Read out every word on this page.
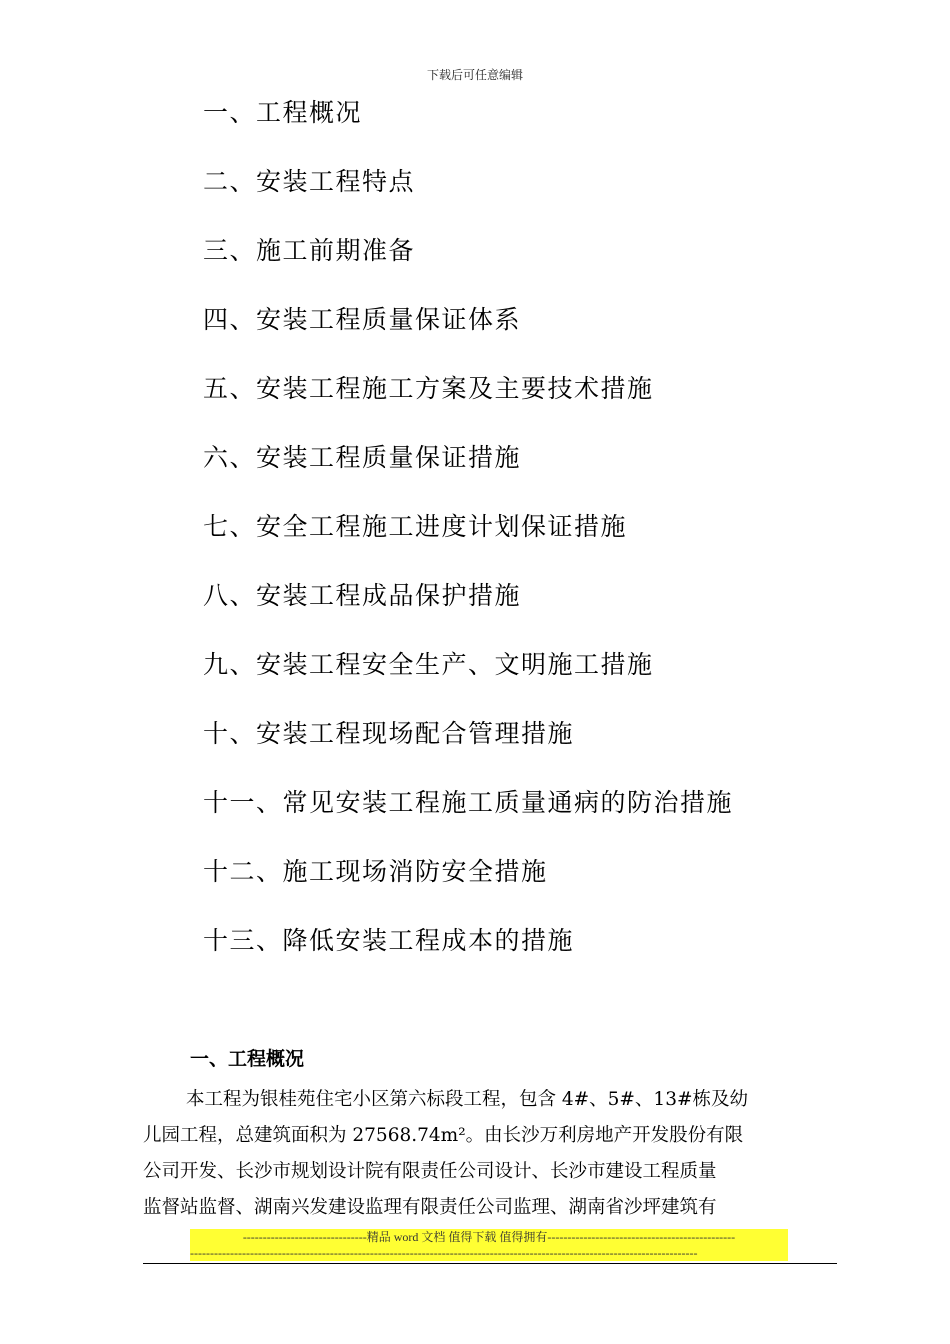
下载后可任意编辑
一、工程概况
二、安装工程特点
三、施工前期准备
四、安装工程质量保证体系
五、安装工程施工方案及主要技术措施
六、安装工程质量保证措施
七、安全工程施工进度计划保证措施
八、安装工程成品保护措施
九、安装工程安全生产、文明施工措施
十、安装工程现场配合管理措施
十一、常见安装工程施工质量通病的防治措施
十二、施工现场消防安全措施
十三、降低安装工程成本的措施
一、工程概况
本工程为银桂苑住宅小区第六标段工程，包含 4#、5#、13#栋及幼
儿园工程，总建筑面积为 27568.74m²。由长沙万利房地产开发股份有限
公司开发、长沙市规划设计院有限责任公司设计、长沙市建设工程质量
监督站监督、湖南兴发建设监理有限责任公司监理、湖南省沙坪建筑有
-------------------------------精品 word 文档 值得下载 值得拥有-----------------------------------------------
-------------------------------------------------------------------------------------------------------------------------------
